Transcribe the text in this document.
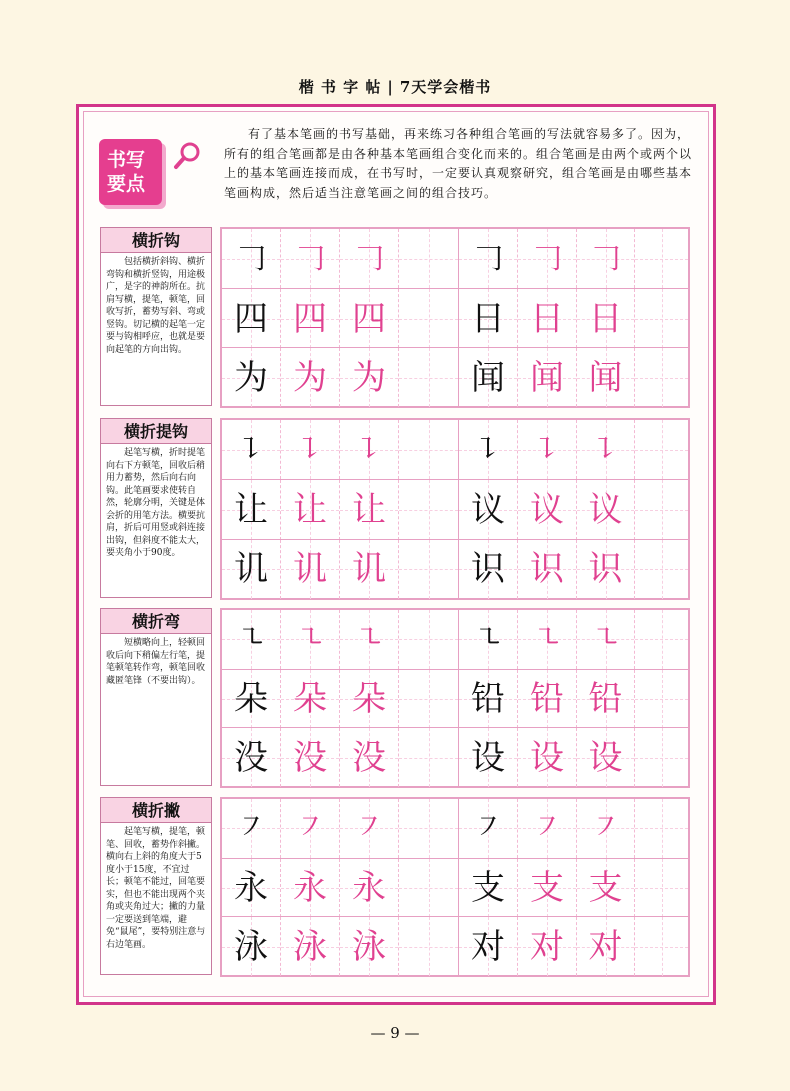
楷 书 字 帖 | 7天学会楷书
书写
要点
有了基本笔画的书写基础，再来练习各种组合笔画的写法就容易多了。因为，所有的组合笔画都是由各种基本笔画组合变化而来的。组合笔画是由两个或两个以上的基本笔画连接而成，在书写时，一定要认真观察研究，组合笔画是由哪些基本笔画构成，然后适当注意笔画之间的组合技巧。
横折钩
包括横折斜钩、横折弯钩和横折竖钩，用途极广，是字的神韵所在。抗肩写横，提笔，顿笔，回收写折，蓄势写斜、弯或竖钩。切记横的起笔一定要与钩相呼应，也就是要向起笔的方向出钩。
𠃌 𠃌 𠃌	𠃌 𠃌 𠃌
四 四 四	日 日 日
为 为 为	闻 闻 闻
横折提钩
起笔写横，折时提笔向右下方顿笔，回收后稍用力蓄势，然后向右向钩。此笔画要求使转自然，轮廓分明，关键是体会折的用笔方法。横要抗肩，折后可用竖或斜连接出钩，但斜度不能太大，要夹角小于90度。
㇊ ㇊ ㇊	㇊ ㇊ ㇊
让 让 让	议 议 议
讥 讥 讥	识 识 识
横折弯
短横略向上，轻顿回收后向下稍偏左行笔，提笔顿笔转作弯，顿笔回收藏匿笔锋（不要出钩）。
㇍ ㇍ ㇍	㇍ ㇍ ㇍
朵 朵 朵	铅 铅 铅
没 没 没	设 设 设
横折撇
起笔写横，提笔，顿笔、回收，蓄势作斜撇。横向右上斜的角度大于5度小于15度，不宜过长；顿笔不能过，回笔要实，但也不能出现两个夹角或夹角过大；撇的力量一定要送到笔端，避免“鼠尾”，要特别注意与右边笔画。
㇇ ㇇ ㇇	㇇ ㇇ ㇇
永 永 永	支 支 支
泳 泳 泳	对 对 对
— 9 —
